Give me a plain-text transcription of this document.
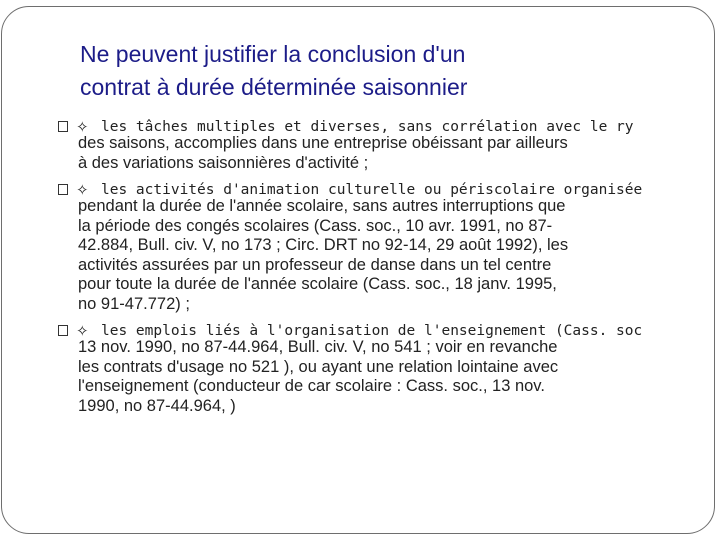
Ne peuvent justifier la conclusion d'un
contrat à durée déterminée saisonnier
✧ les tâches multiples et diverses, sans corrélation avec le ry
des saisons, accomplies dans une entreprise obéissant par ailleurs
à des variations saisonnières d'activité ;
✧ les activités d'animation culturelle ou périscolaire organisée
pendant la durée de l'année scolaire, sans autres interruptions que
la période des congés scolaires (Cass. soc., 10 avr. 1991, no 87-
42.884, Bull. civ. V, no 173 ; Circ. DRT no 92-14, 29 août 1992), les
activités assurées par un professeur de danse dans un tel centre
pour toute la durée de l'année scolaire (Cass. soc., 18 janv. 1995,
no 91-47.772) ;
✧ les emplois liés à l'organisation de l'enseignement (Cass. soc
13 nov. 1990, no 87-44.964, Bull. civ. V, no 541 ; voir en revanche
les contrats d'usage no 521 ), ou ayant une relation lointaine avec
l'enseignement (conducteur de car scolaire : Cass. soc., 13 nov.
1990, no 87-44.964, )
